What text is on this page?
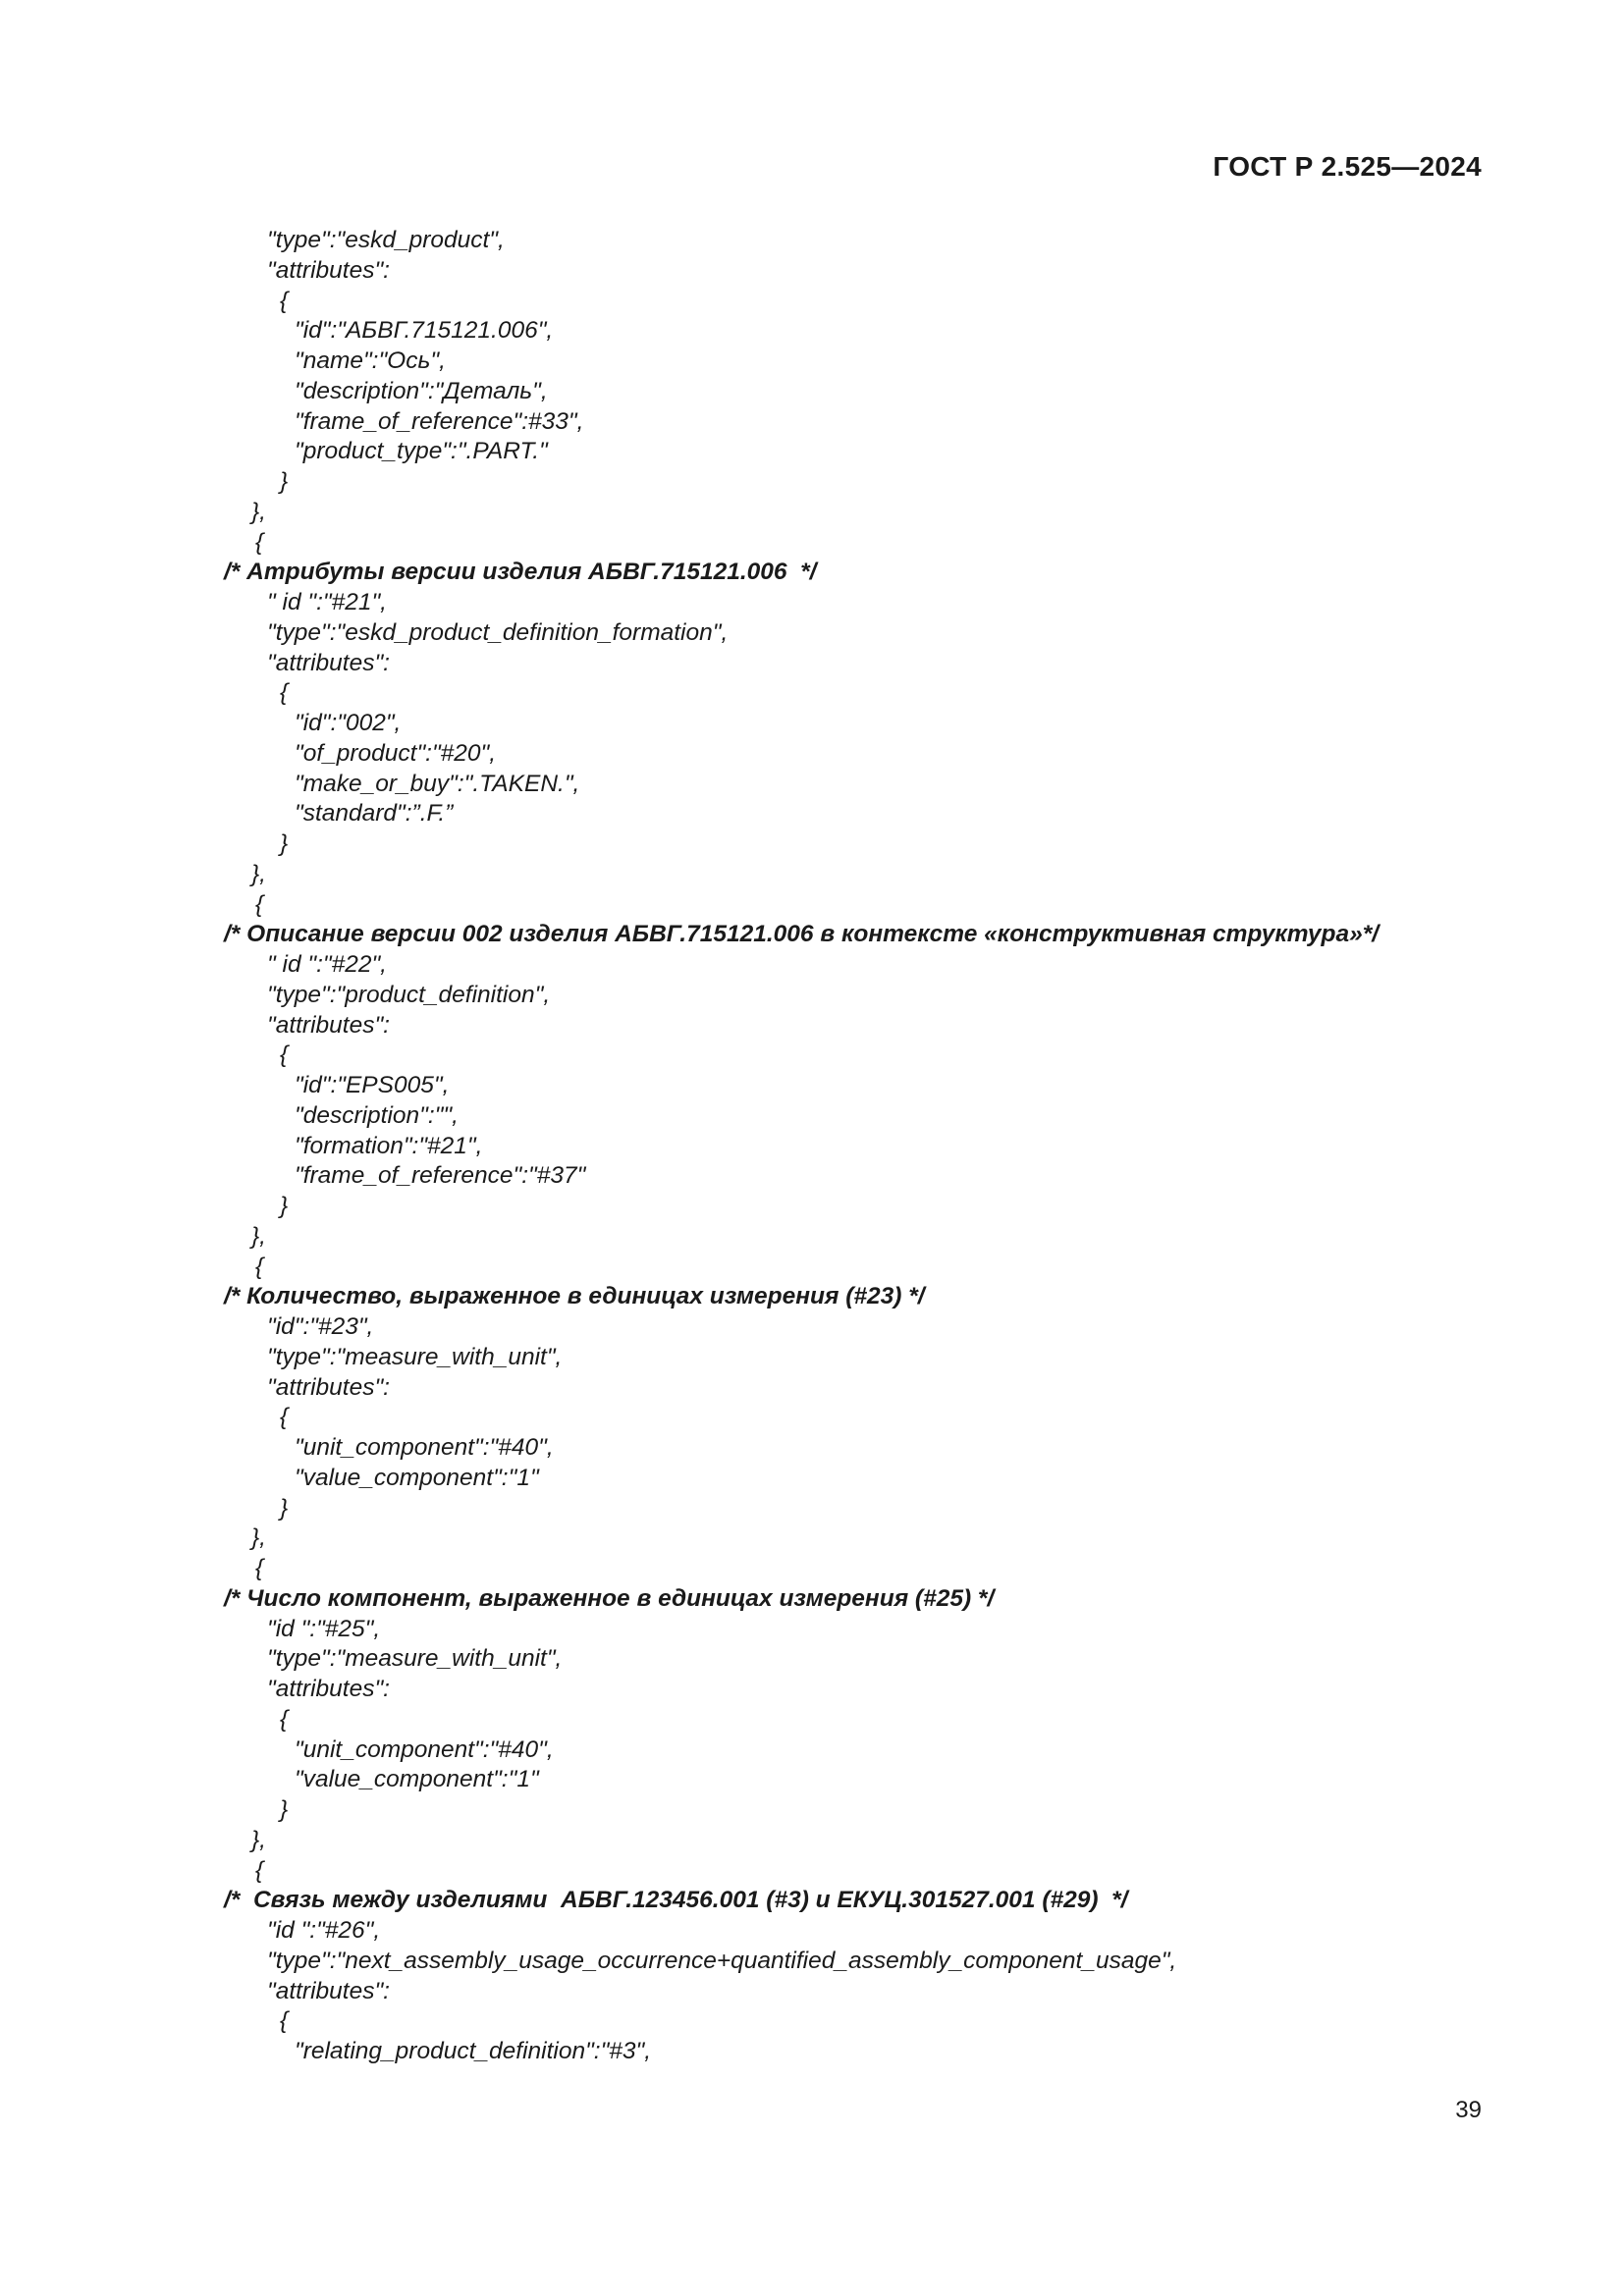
ГОСТ Р 2.525—2024
"type":"eskd_product",
"attributes":
{
"id":"АБВГ.715121.006",
"name":"Ось",
"description":"Деталь",
"frame_of_reference":#33",
"product_type":".PART."
}
},
{
/* Атрибуты версии изделия АБВГ.715121.006  */
" id ":"#21",
"type":"eskd_product_definition_formation",
"attributes":
{
"id":"002",
"of_product":"#20",
"make_or_buy":".TAKEN.",
"standard":”.F.”
}
},
{
/* Описание версии 002 изделия АБВГ.715121.006 в контексте «конструктивная структура»*/
" id ":"#22",
"type":"product_definition",
"attributes":
{
"id":"EPS005",
"description":"",
"formation":"#21",
"frame_of_reference":"#37"
}
},
{
/* Количество, выраженное в единицах измерения (#23) */
"id":"#23",
"type":"measure_with_unit",
"attributes":
{
"unit_component":"#40",
"value_component":"1"
}
},
{
/* Число компонент, выраженное в единицах измерения (#25) */
"id ":"#25",
"type":"measure_with_unit",
"attributes":
{
"unit_component":"#40",
"value_component":"1"
}
},
{
/*  Связь между изделиями  АБВГ.123456.001 (#3) и ЕКУЦ.301527.001 (#29)  */
"id ":"#26",
"type":"next_assembly_usage_occurrence+quantified_assembly_component_usage",
"attributes":
{
"relating_product_definition":"#3",
39
